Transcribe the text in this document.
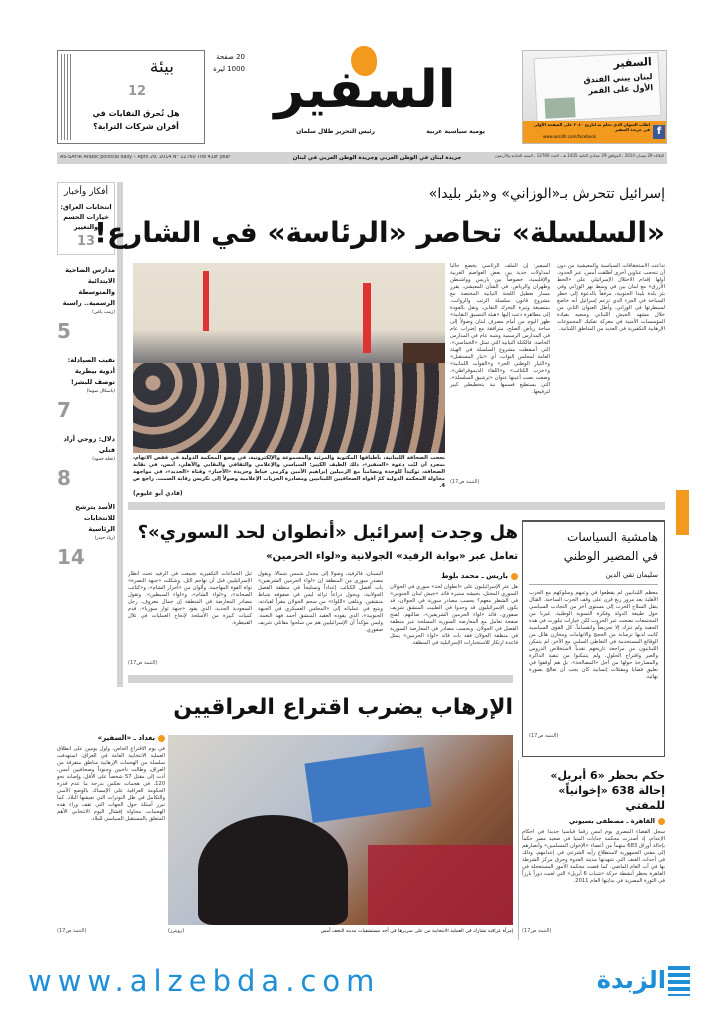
بيئة
12
هل تُحرق النفايات في أفران شركات الترابة؟
20 صفحة
1000 ليرة السفير
يومية سياسية عربية
رئيس التحرير طلال سلمان
السفير
لبنان يبني الفندق الأول على القمر
f
اطلب العنوان الذي تحلم به لتاريخ ٢٠٤٠ على الصفحة الأولى في جريدة السفير
www.assafir.com/facebook
AS-SAFIR Arabic political daily – April 29, 2014 N° 12760 The 41st year	جريدة لبنان في الوطن العربي وجريدة الوطن العربي في لبنان	الثلاثاء 29 نيسان 2014 ، الموافق 29 جمادى الثانية 1435 هـ ، العدد 12760 ، السنة الحادية والأربعون
أفكار وأخبار
انتخابات العراق: خيارات الحسم والتغيير
13
مدارس الضاحية الابتدائية والمتوسطة الرسمية.. راسبة
(زينب ياغي)
5
نقيب الصيادلة: أدوية بيطرية توصف للبشر!
(باسكال صوما)
7
دلال: زوجي أراد قتلي
(نجلة حمود)
8
الأسد يترشح للانتخابات الرئاسية
(زياد حيدر)
14
إسرائيل تتحرش بـ«الوزاني» و«بئر بليدا»
«السلسلة» تحاصر «الرئاسة» في الشارع!
نجحت الصحافة اللبنانية، بأطيافها المكتوبة والمرئية والمسموعة والإلكترونية، في وضع المحكمة الدولية في قفص الاتهام، بمجرد أن لبّت دعوة «السفير»، ذلك الطيف الكبير: السياسي والإعلامي والثقافي والنقابي والأهلي، أمس، في نقابة الصحافة، توكيداً للوحدة وتضامناً مع الزميلين إبراهيم الأمين وكرمى خياط وجريدة «الأخبار» وقناة «الجديد»، في مواجهة محاولة المحكمة الدولية كمّ أفواه الصحافيين اللبنانيين ومصادرة الحريات الإعلامية وصولاً إلى تكريس رقابة الصمت. راجع ص 4.
(فادي أبو غليوم)
السفير: إن الملف الرئاسي يخضع حالياً لمداولات جدية بين بعض العواصم الغربية والإقليمية، خصوصاً بين باريس وواشنطن وطهران والرياض. في الشأن المعيشي، يقرر مسار تعطيل اللجنة النيابية المختصة مع مشروع قانون سلسلة الرتب والرواتب، بمتصيغة وتيرة التحرك النقابي، وتقل بالعودة إلى مظاهرة دعت إليها «هيئة التنسيق النقابية» ظهر اليوم من أمام مصرف لبنان وصولاً إلى ساحة رياض الصلح، مترافقة مع إضراب عام في المدارس الرسمية وشبه عام في المدارس الخاصة. فالكتلة النيابية التي تمثل «الخماسي»، التي أسقطت مشروع السلسلة في الهيئة العامة لمجلس النواب، أي «تيار المستقبل» و«التيار الوطني الحر» و«القوات اللبنانية» و«حزب الكتائب» و«اللقاء الديموقراطي»، وضعت نصب أعينها عنوان «ترشيق السلسلة»، التي يستطيع قسمها نية بتخطيطي كبير لترقيعها.
تداعت الاستحقاقات السياسية والمعيشية من دون أن تنحجب عناوين أخرى أطلقت أمس، عبر الحدود، أولها إقدام الاحتلال الإسرائيلي على «الخط الأزرق» مع لبنان بين في وسط نهر الوزاني وفي بئر بلدة بليدا الجنوبية، مرفقاً بالدعوة إلى حظر السباحة في الجزء الذي تزعم إسرائيل أنه خاضع لسيطرتها في الوزاني. وأطل العنوان الثاني من خلال مشهد الجيش اللبناني وسعيه بقيادة المؤسسات الأمنية في معركة تفكيك المجموعات الإرهابية التكفيرية في العديد من المناطق اللبنانية.
(التتمة ص17)
هل وجدت إسرائيل «أنطوان لحد السوري»؟
تعامل عبر «بوابة الرفيد» الجولانية و«لواء الحرمين»
باريس ـ محمد بلوط
هل عثر الإسرائيليون على «أنطوان لحد» سوري في الجولان السوري المحتل، بجيشه ستيرة قائد «جيش لبنان الجنوبي» في الشطر معهم؟ بحسب مصادر سورية في الجولان، قد يكون الإسرائيليون قد وجدوا في الطبيب المنشق شريف صفوري، قائد «لواء الحرمين الشريفين»، ضالتهم. لفتح صفحة تعامل مع المعارضة السورية المسلحة عبر منطقة الفصل في الجولان. وبحسب مصادر في المعارضة السورية في منطقة الجولان فقد بات قائد «لواء الحرمين» يمثل قاعدة ارتكاز للاستخبارات الإسرائيلية في المنطقة.
البستان، فالرفيد، وصولاً إلى مجدل شمس شمالاً. ويقول مصدر سوري من المنطقة إن «لواء الحرمين الشريفين» بات أفضل الكتائب إعداداً وتسليحاً في منطقة الفصل الجولانية، ويحول دراعاً ثرائه ليس في صفوفه شباط منشقين. ويتلقى «اللواء» من سحم الجولان مقراً لقيادته، ويتبع في عملياته إلى «المجلس العسكري في الجبهة الجنوبية»، الذي يقوده العقيد المنشق أحمد فهد النعمة. وليس مؤكداً أن الإسرائيليين هم من سلحوا مقاتلي شريف صفوري.
ثبل الجماعات التكفيرية تجمعت في الرفيد تحت أنظار الإسرائيليين قبل أن تهاجم التل. وشكلت «جبهة النصرة» نواة القوة المهاجمة، وألوان من «أحرار الشام»، و«كتائب الصحابة»، و«لواء الشام»، و«لواء السبطين». وتقول مصادر المعارضة في المنطقة إن جمال معروف، رجل السعودية الجديد، الذي يقود «جبهة ثوار سوريا»، قدم كميات كبيرة من الأسلحة لإنجاح العمليات في تلال القنيطرة.
(التتمة ص17)
هامشية السياسات
في المصير الوطني
سليمان تقي الدين
معظم اللبنانيين لم يقطعوا في وعيهم وسلوكهم مع الحرب الأهلية بعد مرور ربع قرن على وقف الحرب الساخنة. القتال ينقل السلاح الحرب إلى مستوى آخر من التجاذب السياسي حول طبيعة الدولة وفكرة التسوية الوطنية. غيرنا من المجتمعات نضجت عبر الحروب لكن خيارات تبلورت في هذه الحقبة ولم تترك إلا تحريضاً وانقساماً. كل القوى السياسية كانت لديها ترسانة من الحجج والاتهامات ومخازن هائل من الوقائع المستخدمة في التعاطي السلبي مع الآخر. لم يتمكن اللبنانيون من مراجعة تاريخهم نقدياً لاستخلاص الدروس والعبر واقتراح الحلول، ولم يتمكنوا من تنقية الذاكرة والمصارحة حولها من أجل «المصالحة». بل هم أوقفوا في تعليق قضايا ومقتلات إنسانية كان يجب أن تعالج بصورة نهائية.
(التتمة ص17)
الإرهاب يضرب اقتراع العراقيين
بغداد ـ «السفير»
في يوم الاقتراع الخاص، وأول يومين على انطلاق العملية الانتخابية العامة في العراق، استهدفت سلسلة من الهجمات الإرهابية مناطق متفرقة من العراق، وطالت ناخبين وجنوداً وصحافيين أمس، أدت إلى مقتل 57 شخصاً على الأقل، وإصابة نحو 120، في هجمات تعكس بدرجة ما عدم قدرة الحكومة العراقية على الإمساك بالوضع الأمني والتكامل في ظل التوترات التي تعيشها البلاد. كما تبرز أسئلة حول الجهات التي تقف وراء هذه الهجمات، محاولة إفشال اليوم الانتخابي الأهم المتعلق بالمستقبل السياسي للبلاد.
(التتمة ص17)	إمرأة عراقية تشارك في العملية الانتخابية من على سريرها في أحد مستشفيات مدينة النجف أمس
(رويترز)
حكم بحظر «6 أبريل»
إحالة 638 «إخوانياً» للمفتي
القاهرة ـ مصطفى بسيوني
سجل القضاء المصري يوم أمس رقماً قياسياً جديداً في أحكام الإعدام، إذ أصدرت محكمة جنايات المنيا في صعيد مصر حكماً بإحالة أوراق 683 متهماً من أعضاء «الإخوان المسلمين» وأنصارهم إلى مفتي الجمهورية لاستطلاع رأيه الشرعي في إعدامهم، وذلك في أحداث العنف التي شهدتها مدينة العدوة وحرق مركز الشرطة بها في آب العام الماضي. كما قضت محكمة الأمور المستعجلة في القاهرة بحظر أنشطة حركة «شباب 6 أبريل» التي لعبت دوراً بارزاً في الثورة المصرية في بدايتها العام 2011.
(التتمة ص17)
www.alzebda.com	الزبدة
